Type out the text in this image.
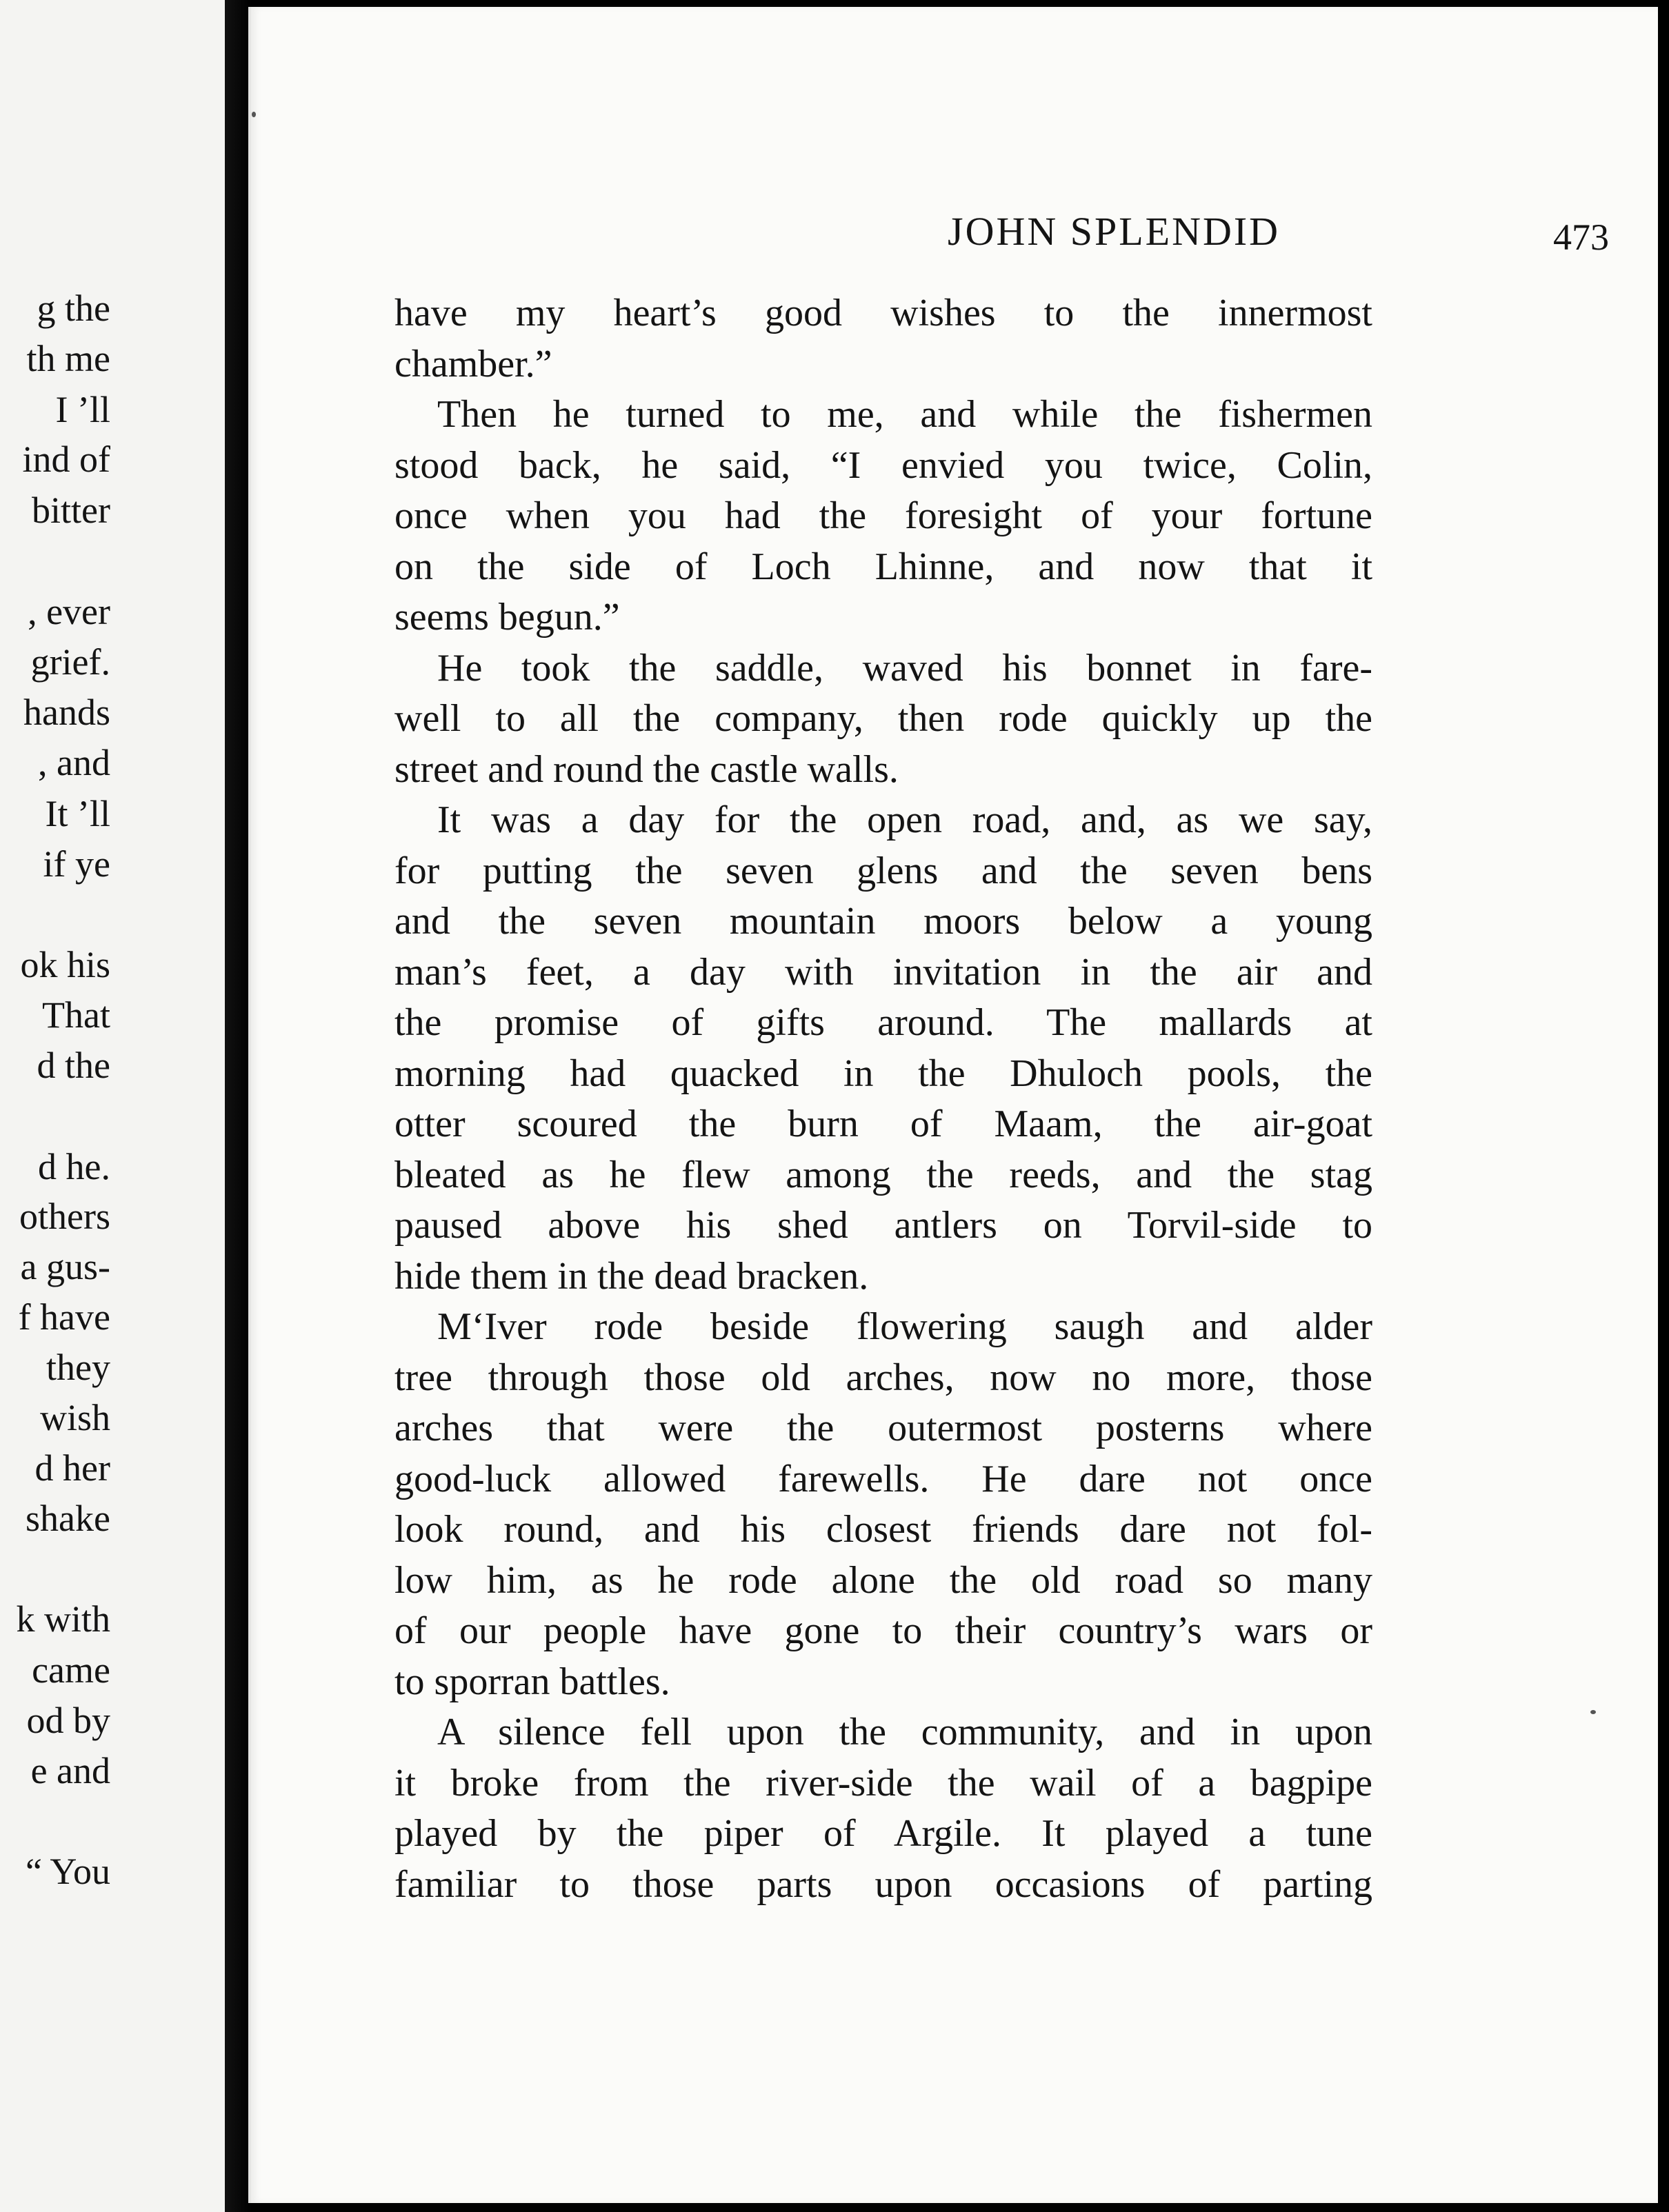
g the
th me
I ’ll
ind of
bitter
, ever
grief.
hands
, and
It ’ll
if ye
ok his
That
d the
d he.
others
a gus-
f have
they
wish
d her
shake
k with
came
od by
e and
“ You
JOHN SPLENDID	473
have my heart’s good wishes to the innermost
chamber.”
Then he turned to me, and while the fishermen
stood back, he said, “I envied you twice, Colin,
once when you had the foresight of your fortune
on the side of Loch Lhinne, and now that it
seems begun.”
He took the saddle, waved his bonnet in fare-
well to all the company, then rode quickly up the
street and round the castle walls.
It was a day for the open road, and, as we say,
for putting the seven glens and the seven bens
and the seven mountain moors below a young
man’s feet, a day with invitation in the air and
the promise of gifts around. The mallards at
morning had quacked in the Dhuloch pools, the
otter scoured the burn of Maam, the air-goat
bleated as he flew among the reeds, and the stag
paused above his shed antlers on Torvil-side to
hide them in the dead bracken.
M‘Iver rode beside flowering saugh and alder
tree through those old arches, now no more, those
arches that were the outermost posterns where
good-luck allowed farewells. He dare not once
look round, and his closest friends dare not fol-
low him, as he rode alone the old road so many
of our people have gone to their country’s wars or
to sporran battles.
A silence fell upon the community, and in upon
it broke from the river-side the wail of a bagpipe
played by the piper of Argile. It played a tune
familiar to those parts upon occasions of parting
